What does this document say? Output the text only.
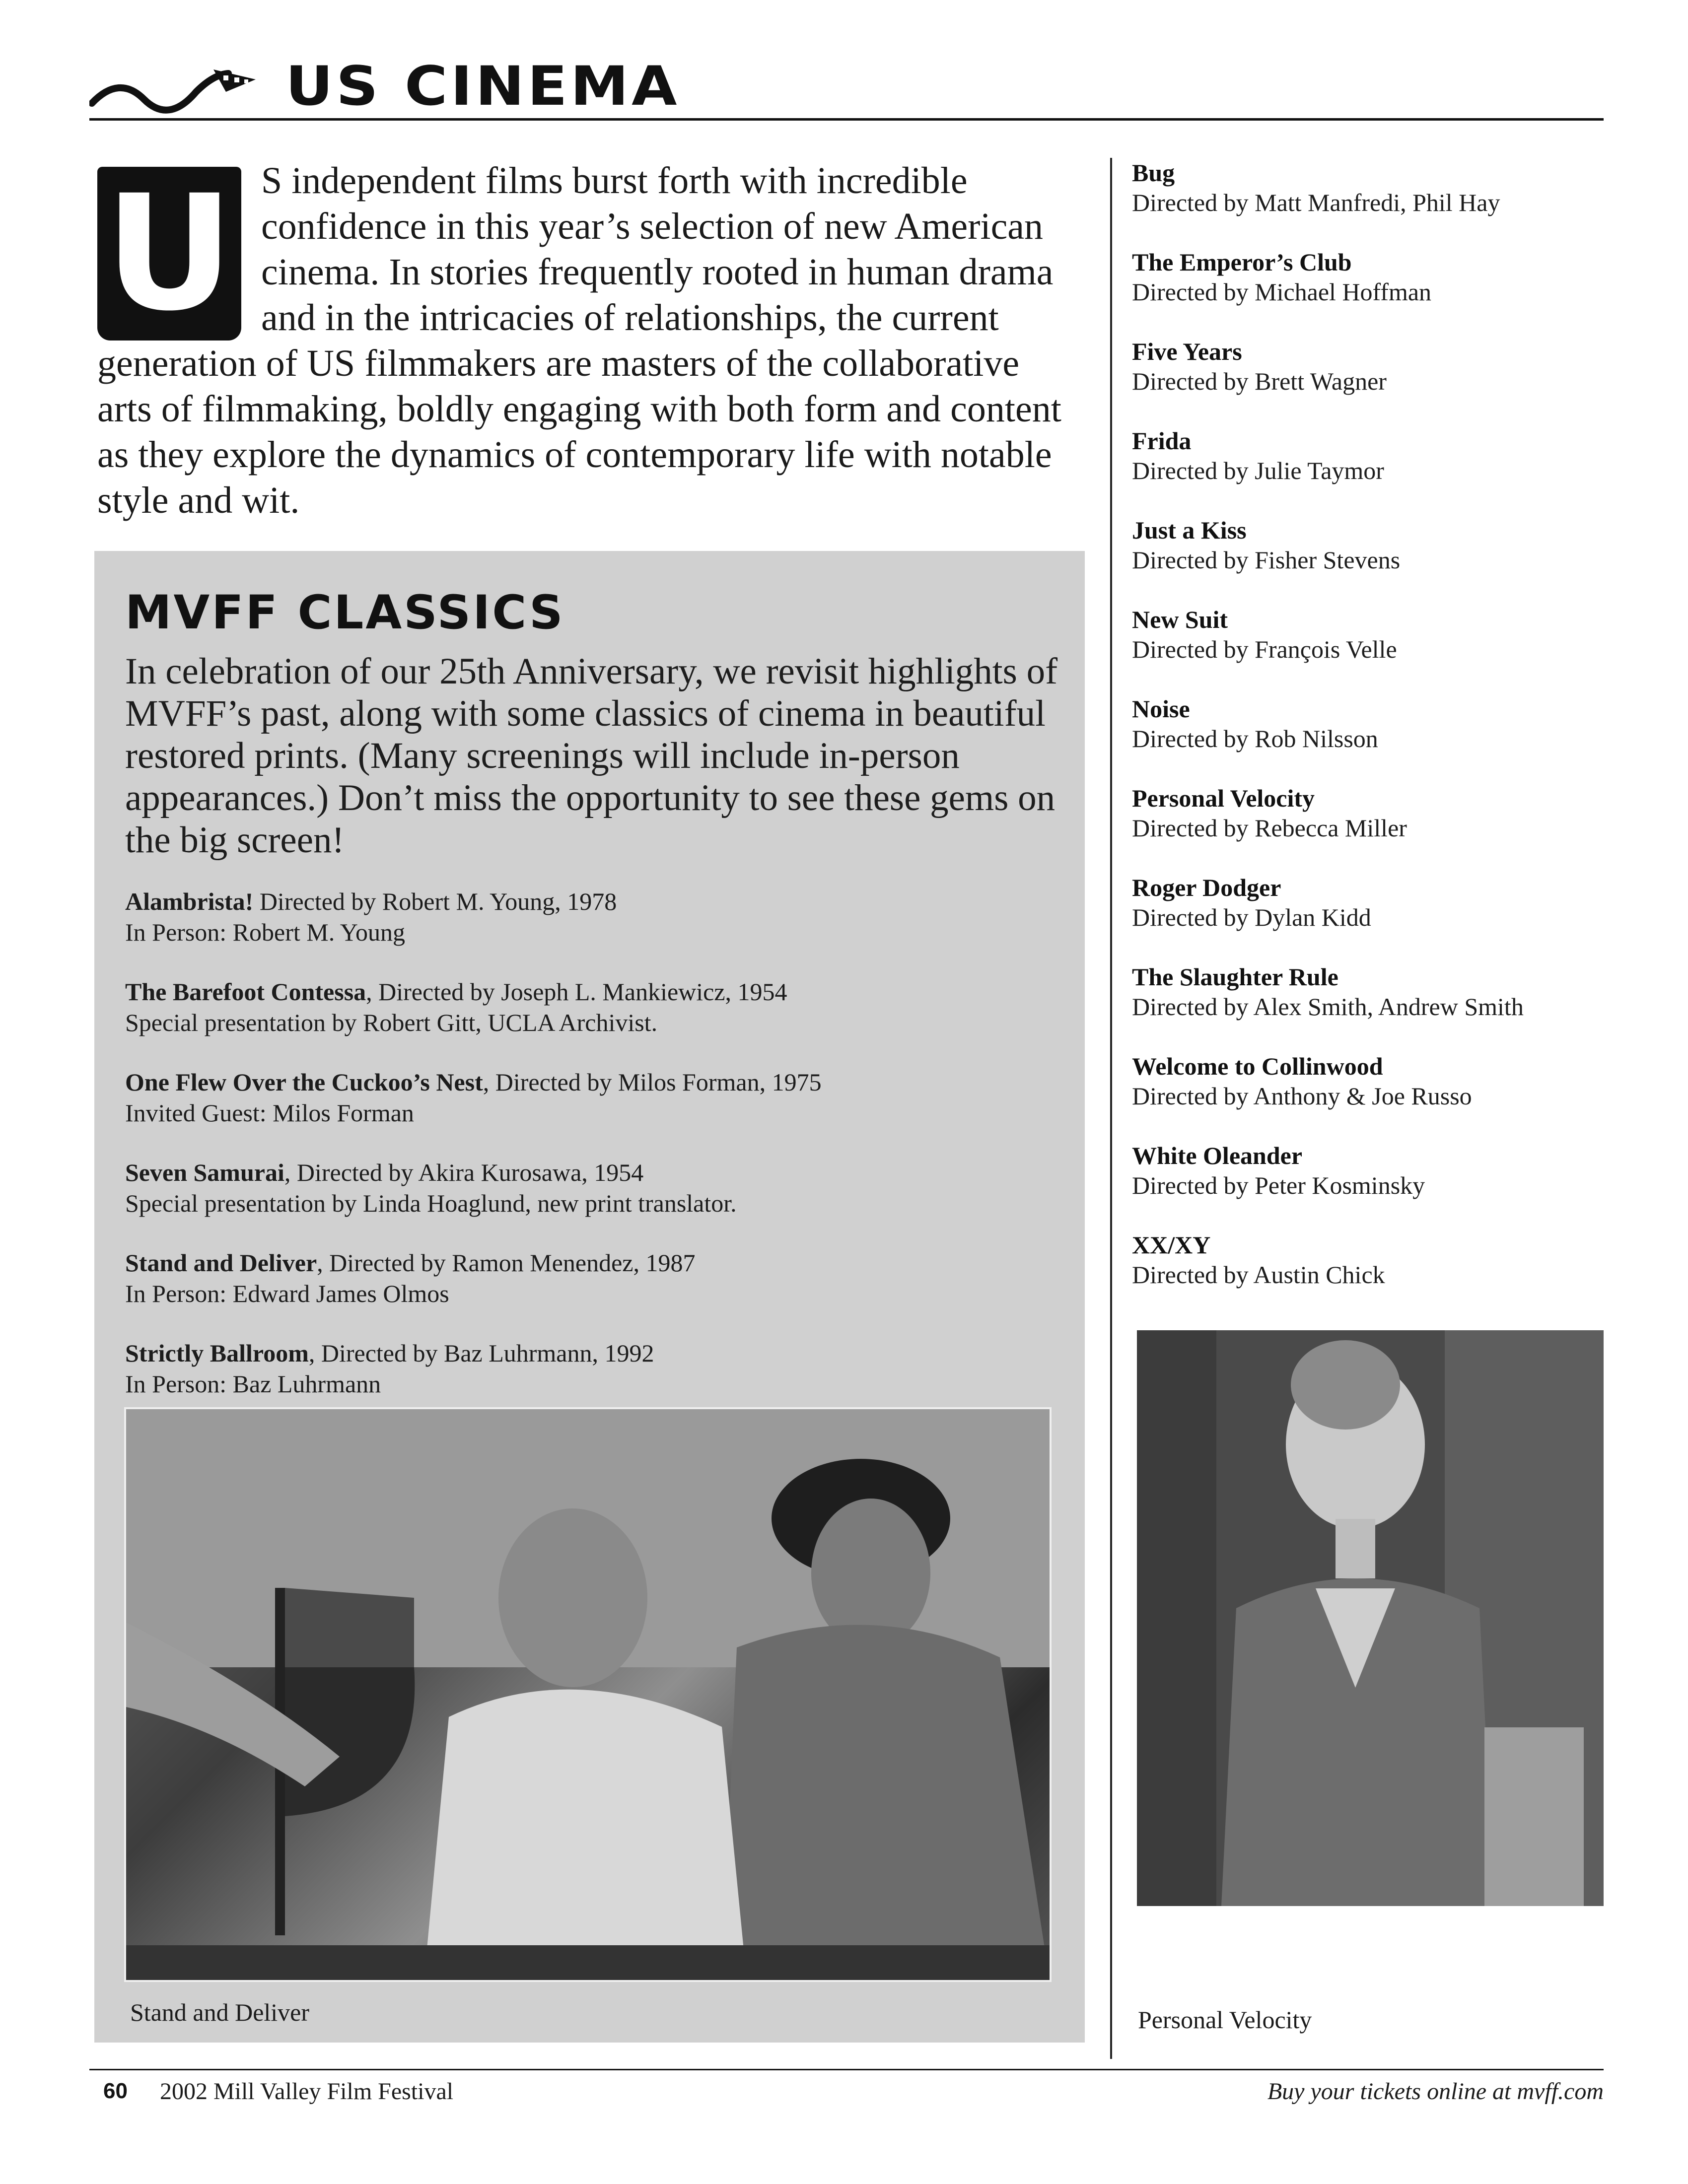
US CINEMA
U S independent films burst forth with incredible confidence in this year’s selection of new American cinema. In stories frequently rooted in human drama and in the intricacies of relationships, the current generation of US filmmakers are masters of the collaborative arts of filmmaking, boldly engaging with both form and content as they explore the dynamics of contemporary life with notable style and wit.
MVFF CLASSICS
In celebration of our 25th Anniversary, we revisit highlights of MVFF’s past, along with some classics of cinema in beautiful restored prints. (Many screenings will include in-person appearances.) Don’t miss the opportunity to see these gems on the big screen!
Alambrista! Directed by Robert M. Young, 1978
In Person: Robert M. Young
The Barefoot Contessa, Directed by Joseph L. Mankiewicz, 1954
Special presentation by Robert Gitt, UCLA Archivist.
One Flew Over the Cuckoo’s Nest, Directed by Milos Forman, 1975
Invited Guest: Milos Forman
Seven Samurai, Directed by Akira Kurosawa, 1954
Special presentation by Linda Hoaglund, new print translator.
Stand and Deliver, Directed by Ramon Menendez, 1987
In Person: Edward James Olmos
Strictly Ballroom, Directed by Baz Luhrmann, 1992
In Person: Baz Luhrmann
Stand and Deliver
Bug
Directed by Matt Manfredi, Phil Hay
The Emperor’s Club
Directed by Michael Hoffman
Five Years
Directed by Brett Wagner
Frida
Directed by Julie Taymor
Just a Kiss
Directed by Fisher Stevens
New Suit
Directed by François Velle
Noise
Directed by Rob Nilsson
Personal Velocity
Directed by Rebecca Miller
Roger Dodger
Directed by Dylan Kidd
The Slaughter Rule
Directed by Alex Smith, Andrew Smith
Welcome to Collinwood
Directed by Anthony & Joe Russo
White Oleander
Directed by Peter Kosminsky
XX/XY
Directed by Austin Chick
Personal Velocity
60 2002 Mill Valley Film Festival	Buy your tickets online at mvff.com
